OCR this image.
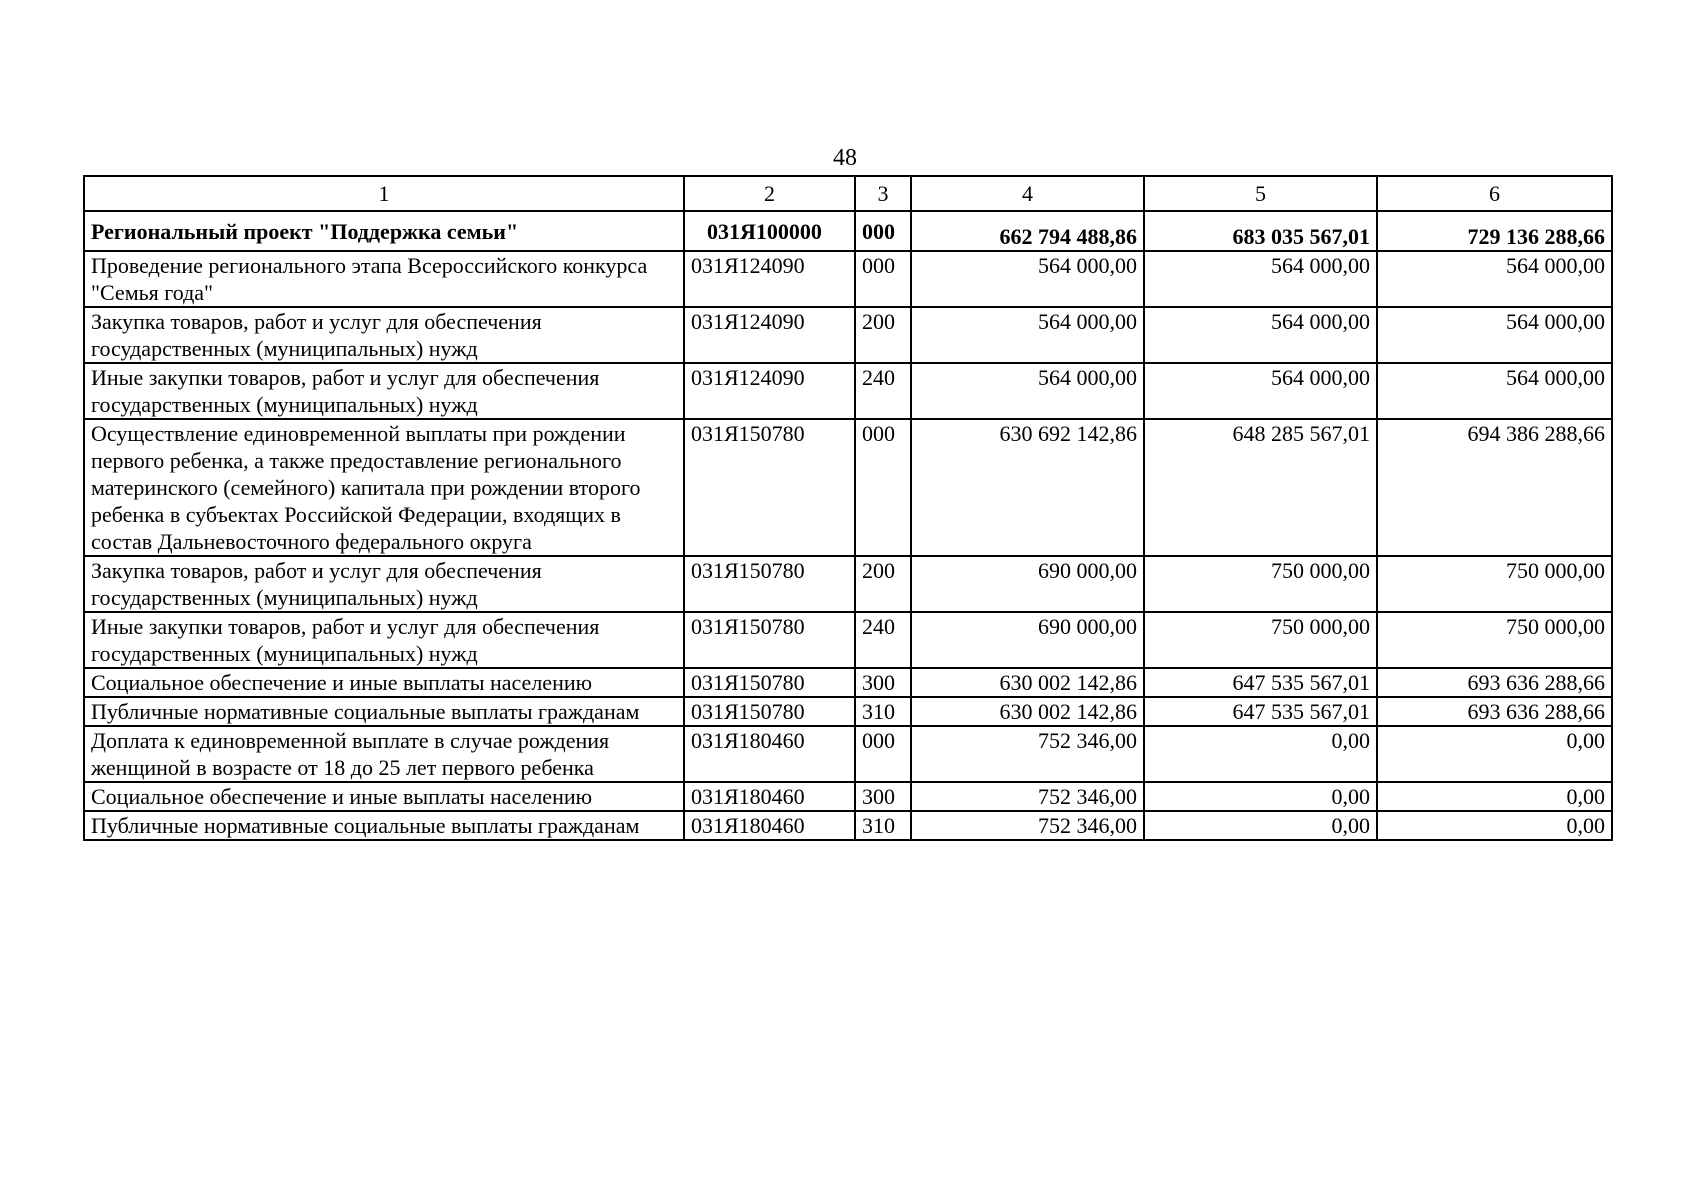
48
1	2	3	4	5	6
Региональный проект "Поддержка семьи"	031Я100000	000	662 794 488,86	683 035 567,01	729 136 288,66
Проведение регионального этапа Всероссийского конкурса "Семья года"	031Я124090	000	564 000,00	564 000,00	564 000,00
Закупка товаров, работ и услуг для обеспечения государственных (муниципальных) нужд	031Я124090	200	564 000,00	564 000,00	564 000,00
Иные закупки товаров, работ и услуг для обеспечения государственных (муниципальных) нужд	031Я124090	240	564 000,00	564 000,00	564 000,00
Осуществление единовременной выплаты при рождении первого ребенка, а также предоставление регионального материнского (семейного) капитала при рождении второго ребенка в субъектах Российской Федерации, входящих в состав Дальневосточного федерального округа	031Я150780	000	630 692 142,86	648 285 567,01	694 386 288,66
Закупка товаров, работ и услуг для обеспечения государственных (муниципальных) нужд	031Я150780	200	690 000,00	750 000,00	750 000,00
Иные закупки товаров, работ и услуг для обеспечения государственных (муниципальных) нужд	031Я150780	240	690 000,00	750 000,00	750 000,00
Социальное обеспечение и иные выплаты населению	031Я150780	300	630 002 142,86	647 535 567,01	693 636 288,66
Публичные нормативные социальные выплаты гражданам	031Я150780	310	630 002 142,86	647 535 567,01	693 636 288,66
Доплата к единовременной выплате в случае рождения женщиной в возрасте от 18 до 25 лет первого ребенка	031Я180460	000	752 346,00	0,00	0,00
Социальное обеспечение и иные выплаты населению	031Я180460	300	752 346,00	0,00	0,00
Публичные нормативные социальные выплаты гражданам	031Я180460	310	752 346,00	0,00	0,00
